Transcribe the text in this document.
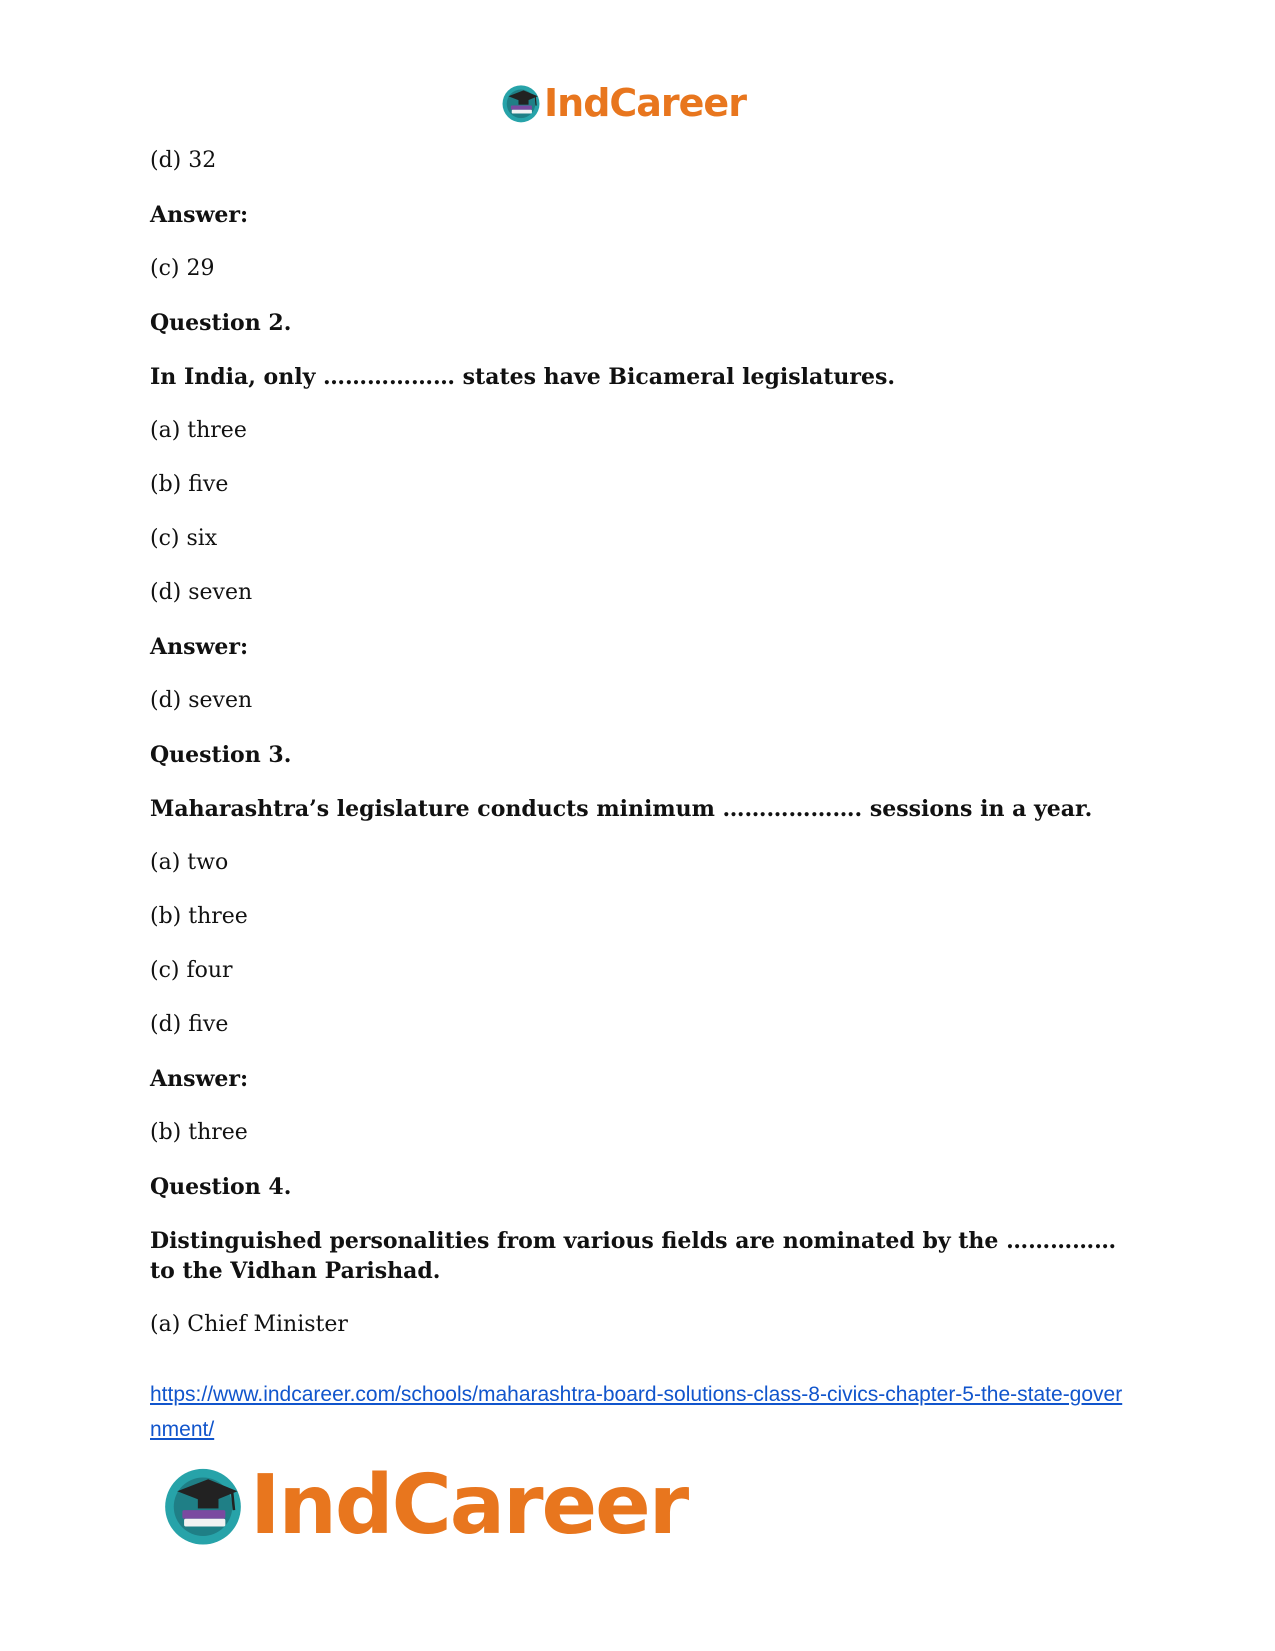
IndCareer

(d) 32

Answer:

(c) 29

Question 2.

In India, only ……………… states have Bicameral legislatures.

(a) three

(b) five

(c) six

(d) seven

Answer:

(d) seven

Question 3.

Maharashtra’s legislature conducts minimum ………………. sessions in a year.

(a) two

(b) three

(c) four

(d) five

Answer:

(b) three

Question 4.

Distinguished personalities from various fields are nominated by the …………… to the Vidhan Parishad.

(a) Chief Minister

https://www.indcareer.com/schools/maharashtra-board-solutions-class-8-civics-chapter-5-the-state-government/
IndCareer
